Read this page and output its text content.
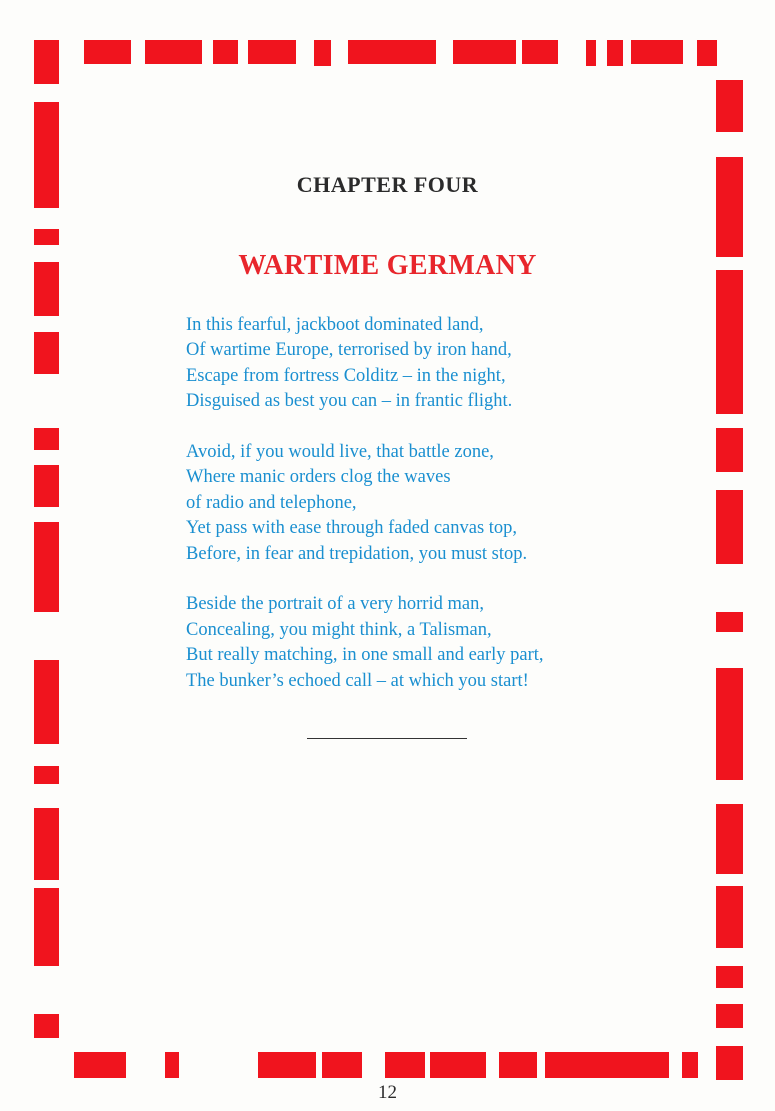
CHAPTER FOUR
WARTIME GERMANY
In this fearful, jackboot dominated land,
Of wartime Europe, terrorised by iron hand,
Escape from fortress Colditz – in the night,
Disguised as best you can – in frantic flight.
Avoid, if you would live, that battle zone,
Where manic orders clog the waves
of radio and telephone,
Yet pass with ease through faded canvas top,
Before, in fear and trepidation, you must stop.
Beside the portrait of a very horrid man,
Concealing, you might think, a Talisman,
But really matching, in one small and early part,
The bunker’s echoed call – at which you start!
12
